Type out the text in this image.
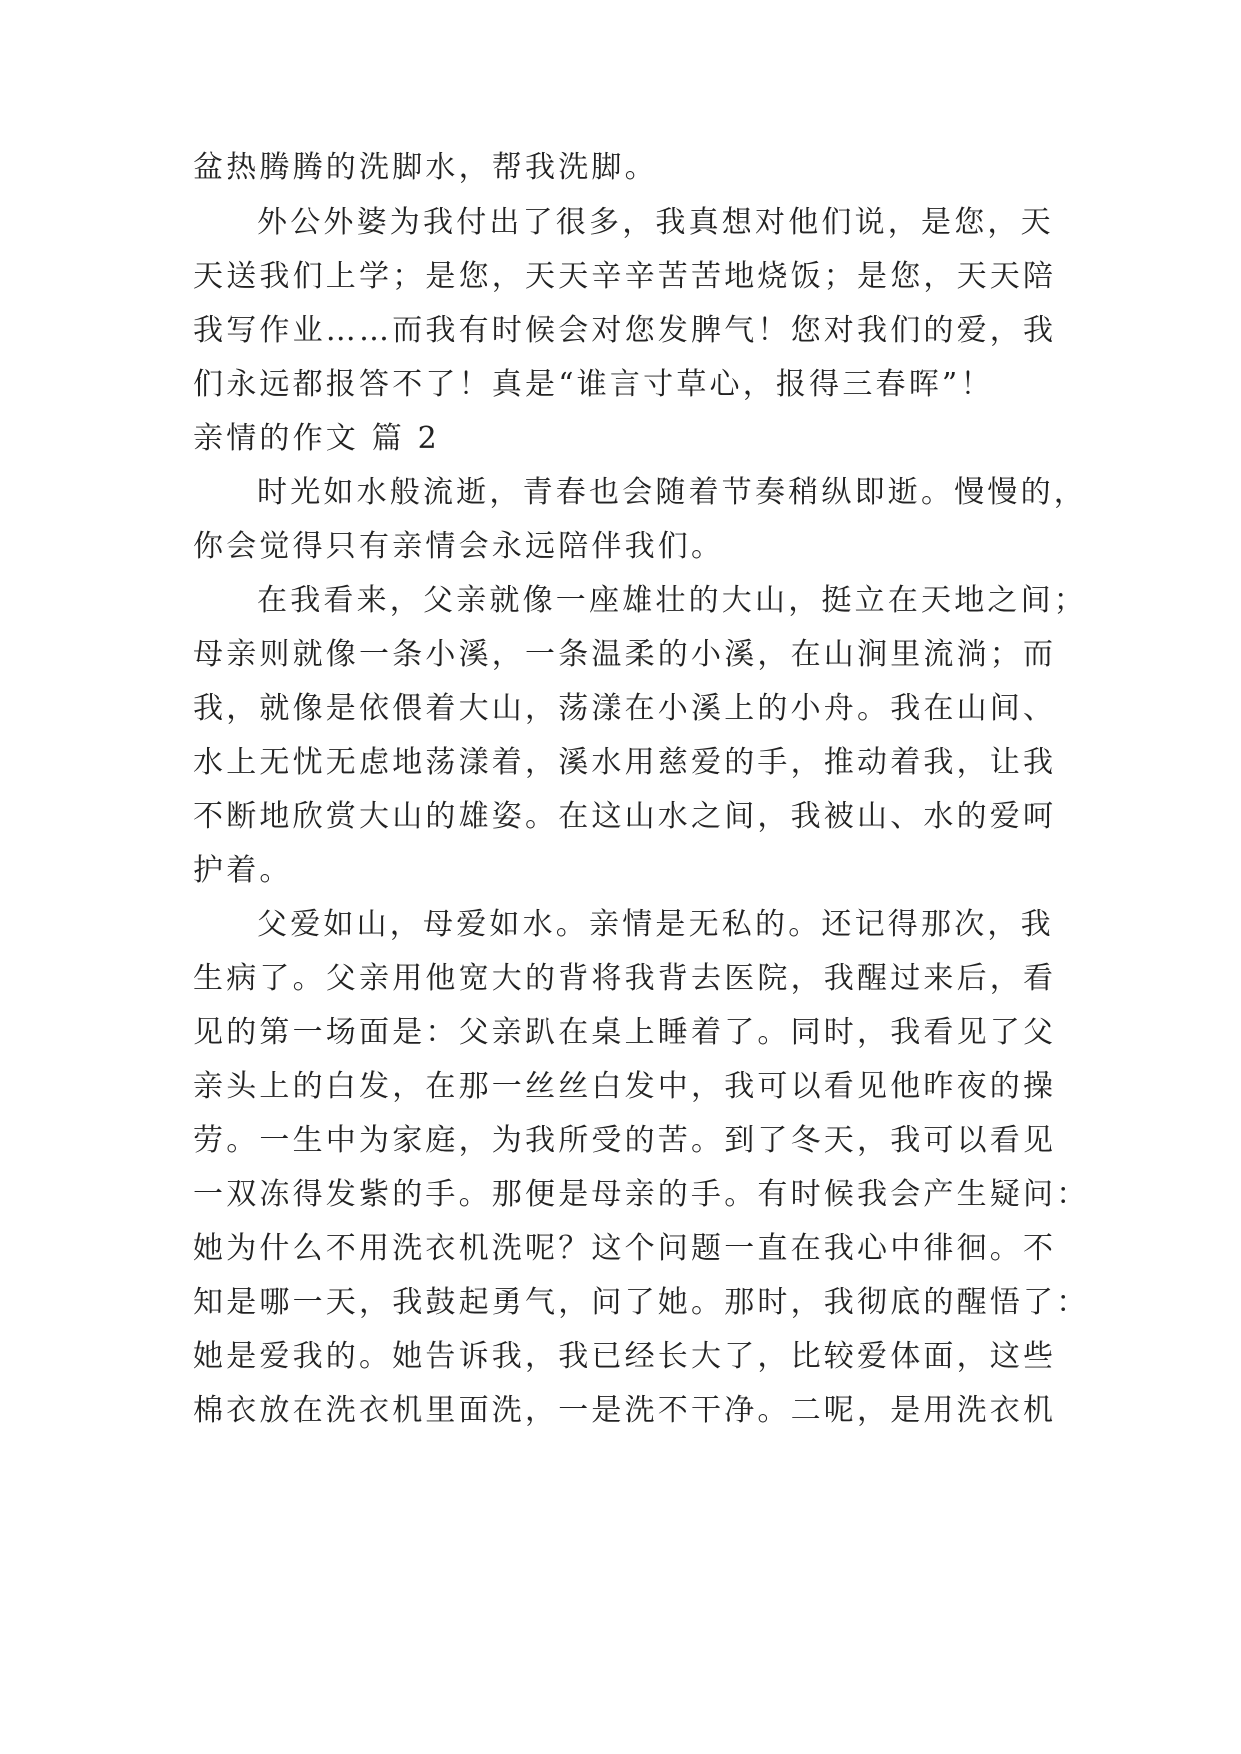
盆热腾腾的洗脚水，帮我洗脚。
外公外婆为我付出了很多，我真想对他们说，是您，天
天送我们上学；是您，天天辛辛苦苦地烧饭；是您，天天陪
我写作业……而我有时候会对您发脾气！您对我们的爱，我
们永远都报答不了！真是“谁言寸草心，报得三春晖”！
亲情的作文 篇 2
时光如水般流逝，青春也会随着节奏稍纵即逝。慢慢的，
你会觉得只有亲情会永远陪伴我们。
在我看来，父亲就像一座雄壮的大山，挺立在天地之间；
母亲则就像一条小溪，一条温柔的小溪，在山涧里流淌；而
我，就像是依偎着大山，荡漾在小溪上的小舟。我在山间、
水上无忧无虑地荡漾着，溪水用慈爱的手，推动着我，让我
不断地欣赏大山的雄姿。在这山水之间，我被山、水的爱呵
护着。
父爱如山，母爱如水。亲情是无私的。还记得那次，我
生病了。父亲用他宽大的背将我背去医院，我醒过来后，看
见的第一场面是：父亲趴在桌上睡着了。同时，我看见了父
亲头上的白发，在那一丝丝白发中，我可以看见他昨夜的操
劳。一生中为家庭，为我所受的苦。到了冬天，我可以看见
一双冻得发紫的手。那便是母亲的手。有时候我会产生疑问：
她为什么不用洗衣机洗呢？这个问题一直在我心中徘徊。不
知是哪一天，我鼓起勇气，问了她。那时，我彻底的醒悟了：
她是爱我的。她告诉我，我已经长大了，比较爱体面，这些
棉衣放在洗衣机里面洗，一是洗不干净。二呢，是用洗衣机
